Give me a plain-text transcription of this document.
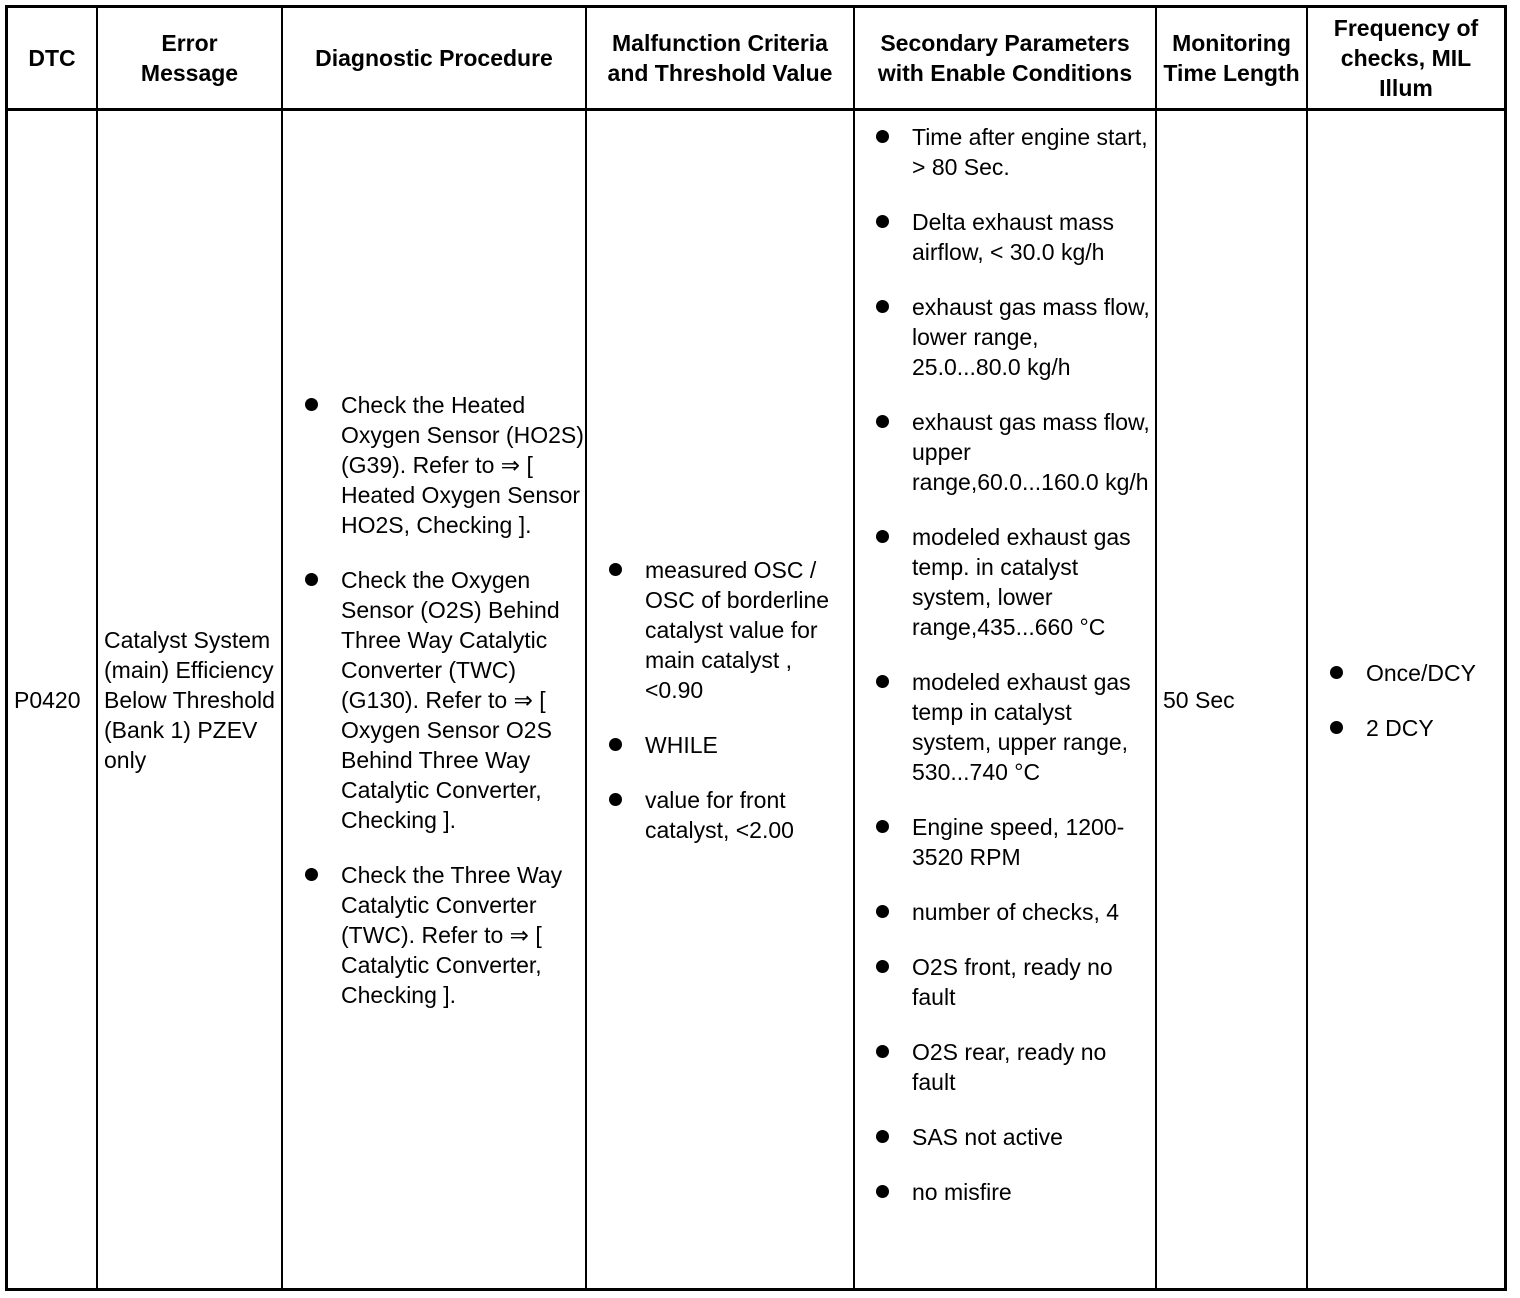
DTC
Error Message
Diagnostic Procedure
Malfunction Criteria and Threshold Value
Secondary Parameters with Enable Conditions
Monitoring Time Length
Frequency of checks, MIL Illum
P0420
Catalyst System (main) Efficiency Below Threshold (Bank 1) PZEV only
Check the Heated Oxygen Sensor (HO2S) (G39). Refer to ⇒ [ Heated Oxygen Sensor HO2S, Checking ].
Check the Oxygen Sensor (O2S) Behind Three Way Catalytic Converter (TWC) (G130). Refer to ⇒ [ Oxygen Sensor O2S Behind Three Way Catalytic Converter, Checking ].
Check the Three Way Catalytic Converter (TWC). Refer to ⇒ [ Catalytic Converter, Checking ].
measured OSC / OSC of borderline catalyst value for main catalyst , <0.90
WHILE
value for front catalyst, <2.00
Time after engine start, > 80 Sec.
Delta exhaust mass airflow, < 30.0 kg/h
exhaust gas mass flow, lower range, 25.0...80.0 kg/h
exhaust gas mass flow, upper range,60.0...160.0 kg/h
modeled exhaust gas temp. in catalyst system, lower range,435...660 °C
modeled exhaust gas temp in catalyst system, upper range, 530...740 °C
Engine speed, 1200-3520 RPM
number of checks, 4
O2S front, ready no fault
O2S rear, ready no fault
SAS not active
no misfire
50 Sec
Once/DCY
2 DCY
